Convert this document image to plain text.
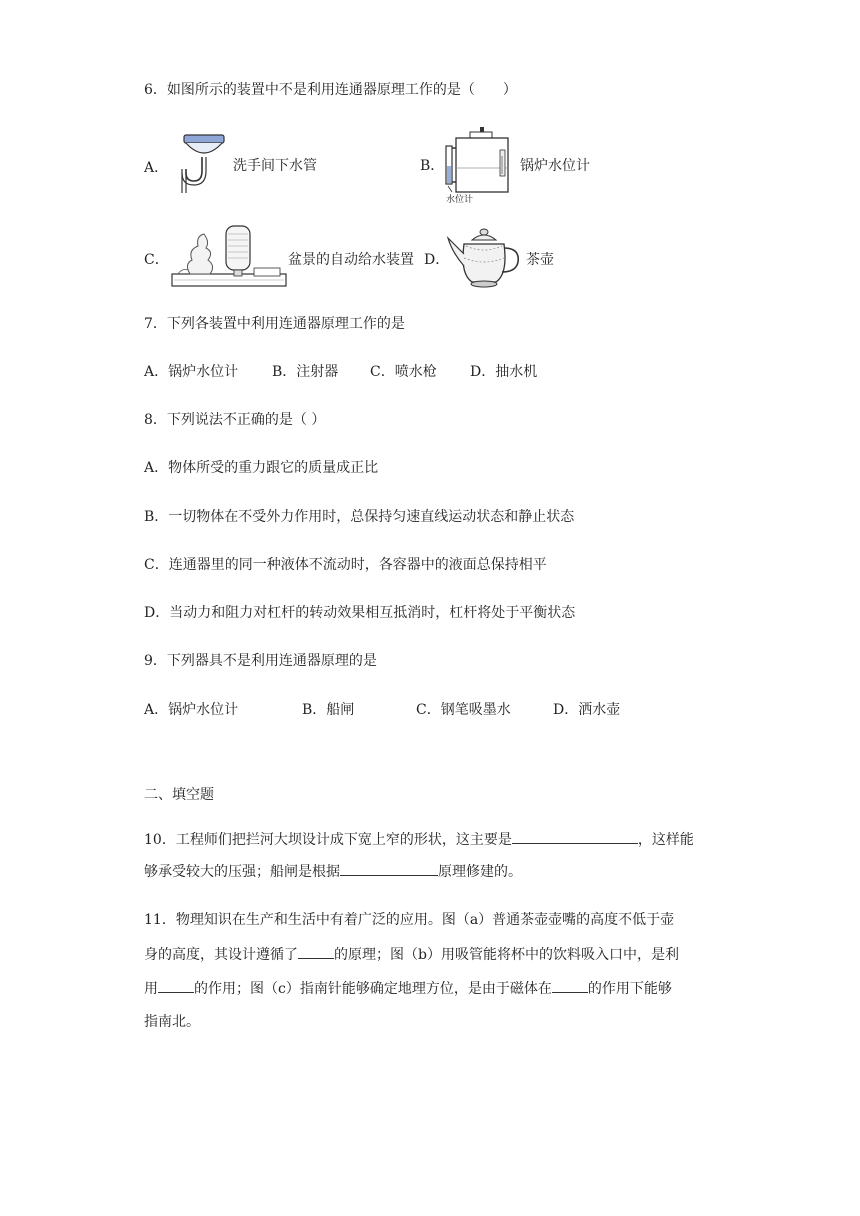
6．如图所示的装置中不是利用连通器原理工作的是（　　）
A．	洗手间下水管	B．
水位计
锅炉水位计
C．	盆景的自动给水装置 D．	茶壶
7．下列各装置中利用连通器原理工作的是
A．锅炉水位计 B．注射器 C．喷水枪 D．抽水机
8．下列说法不正确的是（ ）
A．物体所受的重力跟它的质量成正比
B．一切物体在不受外力作用时，总保持匀速直线运动状态和静止状态
C．连通器里的同一种液体不流动时，各容器中的液面总保持相平
D．当动力和阻力对杠杆的转动效果相互抵消时，杠杆将处于平衡状态
9．下列器具不是利用连通器原理的是
A．锅炉水位计	B．船闸	C．钢笔吸墨水	D．洒水壶
二、填空题
10．工程师们把拦河大坝设计成下宽上窄的形状，这主要是	，这样能
够承受较大的压强；船闸是根据	原理修建的。
11．物理知识在生产和生活中有着广泛的应用。图（a）普通茶壶壶嘴的高度不低于壶
身的高度，其设计遵循了	的原理；图（b）用吸管能将杯中的饮料吸入口中，是利
用	的作用；图（c）指南针能够确定地理方位，是由于磁体在	的作用下能够
指南北。
